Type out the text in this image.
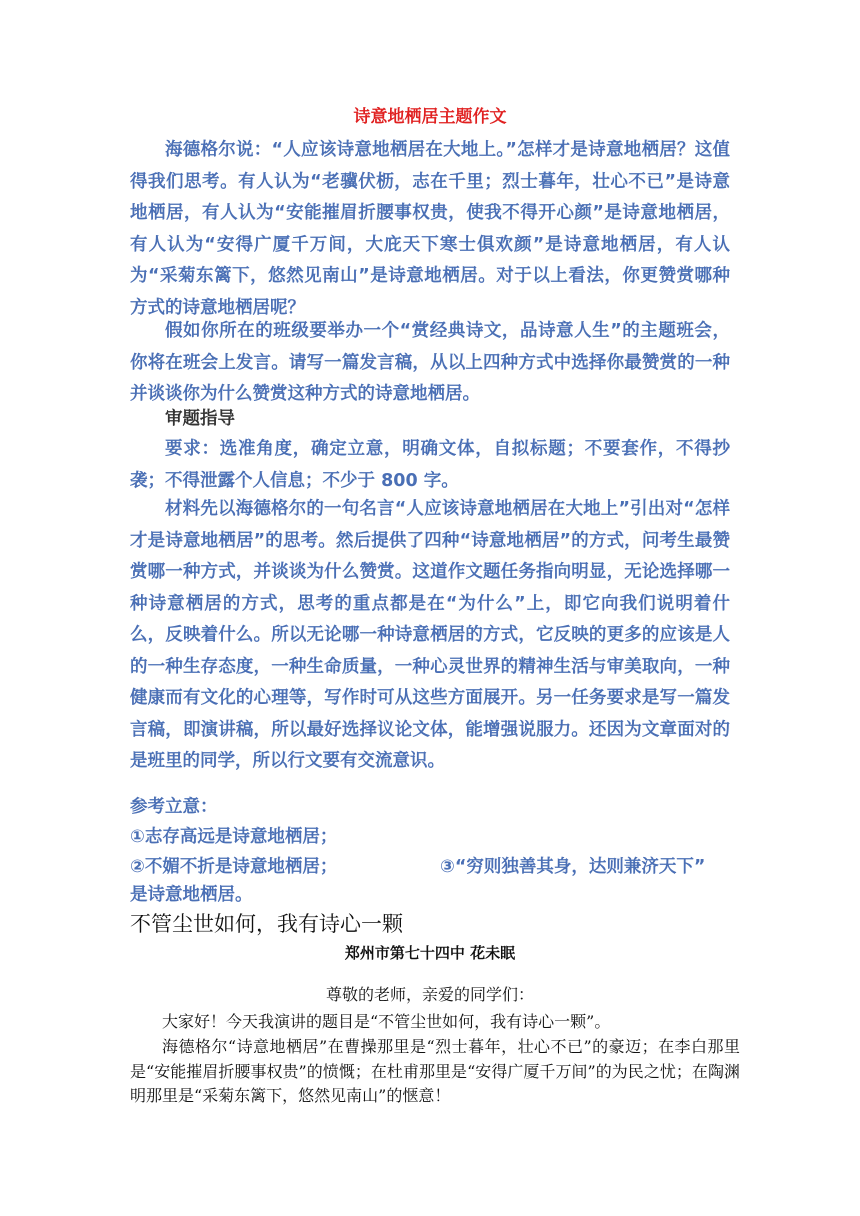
诗意地栖居主题作文
海德格尔说：“人应该诗意地栖居在大地上。”怎样才是诗意地栖居？这值得我们思考。有人认为“老骥伏枥，志在千里；烈士暮年，壮心不已”是诗意地栖居，有人认为“安能摧眉折腰事权贵，使我不得开心颜”是诗意地栖居，有人认为“安得广厦千万间，大庇天下寒士俱欢颜”是诗意地栖居，有人认为“采菊东篱下，悠然见南山”是诗意地栖居。对于以上看法，你更赞赏哪种方式的诗意地栖居呢？
假如你所在的班级要举办一个“赏经典诗文，品诗意人生”的主题班会，你将在班会上发言。请写一篇发言稿，从以上四种方式中选择你最赞赏的一种并谈谈你为什么赞赏这种方式的诗意地栖居。
审题指导
要求：选准角度，确定立意，明确文体，自拟标题；不要套作，不得抄袭；不得泄露个人信息；不少于 800 字。
材料先以海德格尔的一句名言“人应该诗意地栖居在大地上”引出对“怎样才是诗意地栖居”的思考。然后提供了四种“诗意地栖居”的方式，问考生最赞赏哪一种方式，并谈谈为什么赞赏。这道作文题任务指向明显，无论选择哪一种诗意栖居的方式，思考的重点都是在“为什么”上，即它向我们说明着什么，反映着什么。所以无论哪一种诗意栖居的方式，它反映的更多的应该是人的一种生存态度，一种生命质量，一种心灵世界的精神生活与审美取向，一种健康而有文化的心理等，写作时可从这些方面展开。另一任务要求是写一篇发言稿，即演讲稿，所以最好选择议论文体，能增强说服力。还因为文章面对的是班里的同学，所以行文要有交流意识。
参考立意：
①志存高远是诗意地栖居；
②不媚不折是诗意地栖居；	③“穷则独善其身，达则兼济天下”
是诗意地栖居。
不管尘世如何，我有诗心一颗
郑州市第七十四中 花未眠
尊敬的老师，亲爱的同学们：
大家好！今天我演讲的题目是“不管尘世如何，我有诗心一颗”。
海德格尔“诗意地栖居”在曹操那里是“烈士暮年，壮心不已”的豪迈；在李白那里是“安能摧眉折腰事权贵”的愤慨；在杜甫那里是“安得广厦千万间”的为民之忧；在陶渊明那里是“采菊东篱下，悠然见南山”的惬意！
